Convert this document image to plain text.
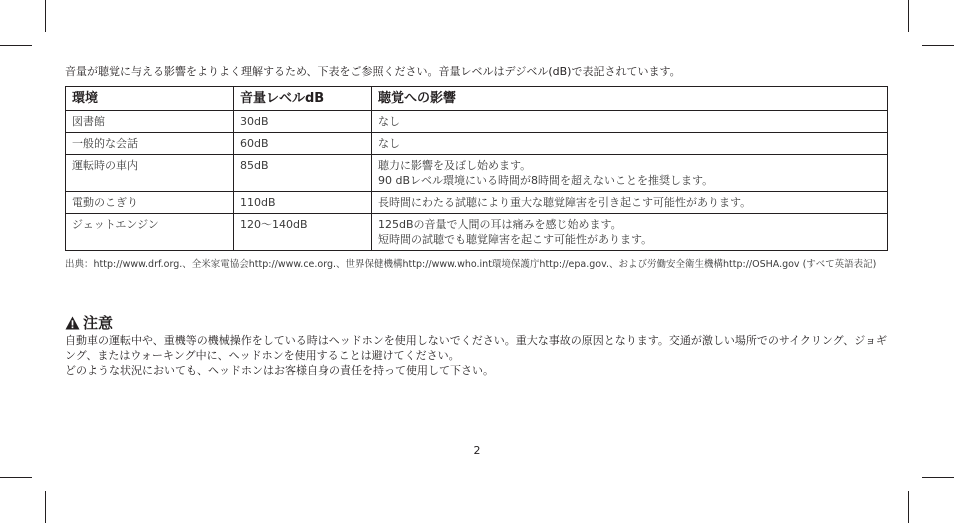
音量が聴覚に与える影響をよりよく理解するため、下表をご参照ください。音量レベルはデジベル(dB)で表記されています。
環境	音量レベルdB	聴覚への影響
図書館	30dB	なし

一般的な会話	60dB	なし

運転時の車内	85dB	聴力に影響を及ぼし始めます。
90 dBレベル環境にいる時間が8時間を超えないことを推奨します。

電動のこぎり	110dB	長時間にわたる試聴により重大な聴覚障害を引き起こす可能性があります。

ジェットエンジン	120〜140dB	125dBの音量で人間の耳は痛みを感じ始めます。
短時間の試聴でも聴覚障害を起こす可能性があります。
出典：http://www.drf.org.、全米家電協会http://www.ce.org.、世界保健機構http://www.who.int環境保護庁http://epa.gov.、および労働安全衛生機構http://OSHA.gov (すべて英語表記)
注意

自動車の運転中や、重機等の機械操作をしている時はヘッドホンを使用しないでください。重大な事故の原因となります。交通が激しい場所でのサイクリング、ジョギング、またはウォーキング中に、ヘッドホンを使用することは避けてください。

どのような状況においても、ヘッドホンはお客様自身の責任を持って使用して下さい。

2
